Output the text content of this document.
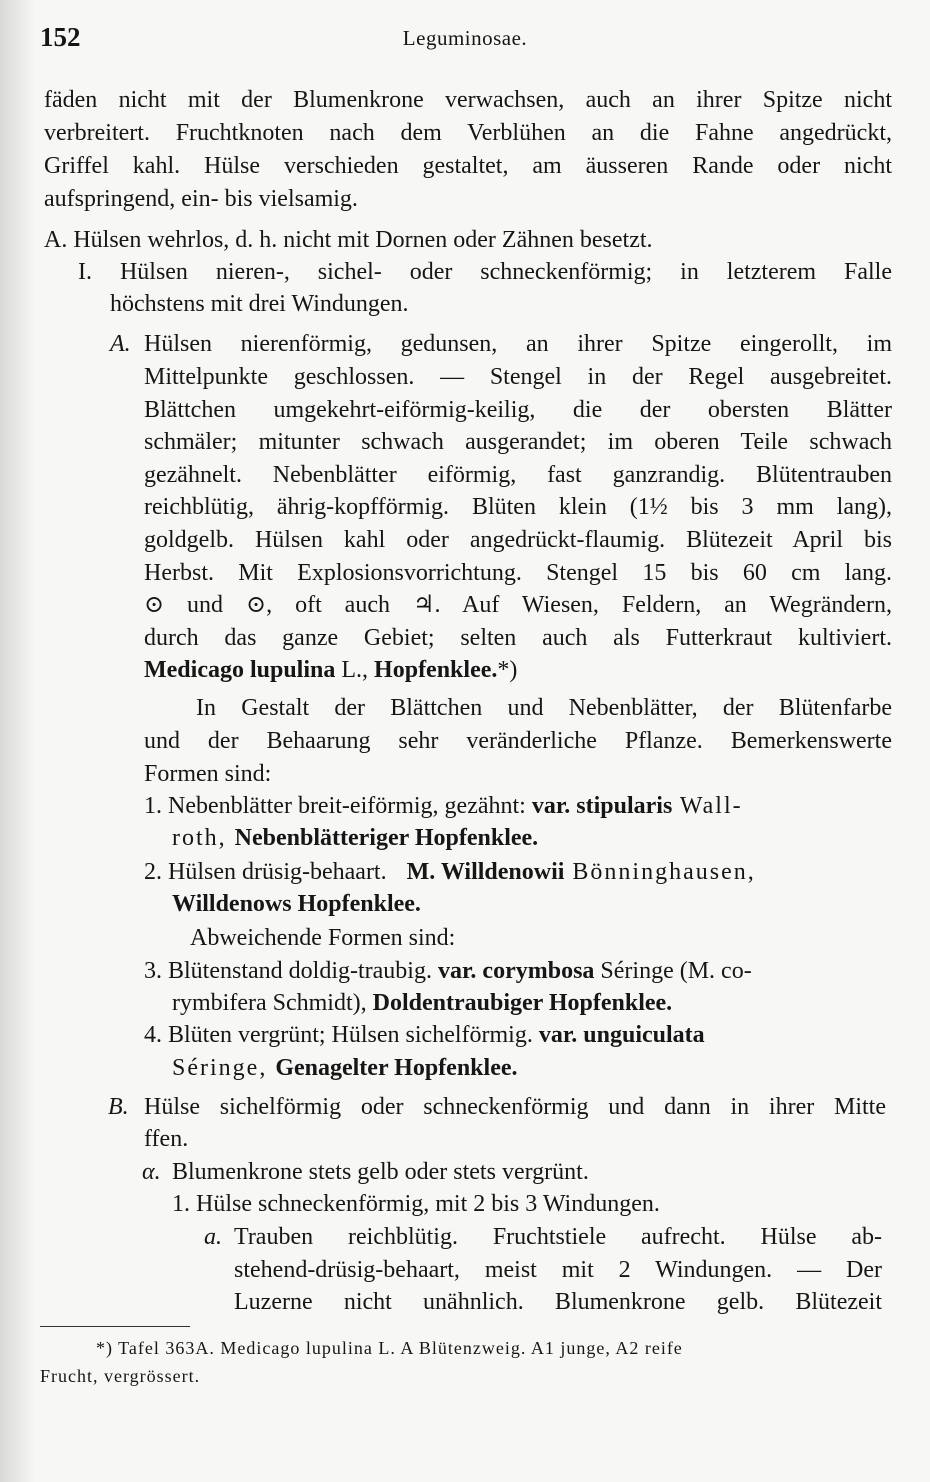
152	Leguminosae.
fäden nicht mit der Blumenkrone verwachsen, auch an ihrer Spitze nicht
verbreitert. Fruchtknoten nach dem Verblühen an die Fahne angedrückt,
Griffel kahl. Hülse verschieden gestaltet, am äusseren Rande oder nicht
aufspringend, ein- bis vielsamig.
A. Hülsen wehrlos, d. h. nicht mit Dornen oder Zähnen besetzt.
I. Hülsen nieren-, sichel- oder schneckenförmig; in letzterem Falle
höchstens mit drei Windungen.
A. Hülsen nierenförmig, gedunsen, an ihrer Spitze eingerollt, im
Mittelpunkte geschlossen. — Stengel in der Regel ausgebreitet.
Blättchen umgekehrt-eiförmig-keilig, die der obersten Blätter
schmäler; mitunter schwach ausgerandet; im oberen Teile schwach
gezähnelt. Nebenblätter eiförmig, fast ganzrandig. Blütentrauben
reichblütig, ährig-kopfförmig. Blüten klein (1½ bis 3 mm lang),
goldgelb. Hülsen kahl oder angedrückt-flaumig. Blütezeit April bis
Herbst. Mit Explosionsvorrichtung. Stengel 15 bis 60 cm lang.
⊙ und ⊙, oft auch ♃. Auf Wiesen, Feldern, an Wegrändern,
durch das ganze Gebiet; selten auch als Futterkraut kultiviert.
Medicago lupulina L., Hopfenklee.*)
In Gestalt der Blättchen und Nebenblätter, der Blütenfarbe
und der Behaarung sehr veränderliche Pflanze. Bemerkenswerte
Formen sind:
1. Nebenblätter breit-eiförmig, gezähnt: var. stipularis Wall-
roth, Nebenblätteriger Hopfenklee.
2. Hülsen drüsig-behaart. M. Willdenowii Bönninghausen,
Willdenows Hopfenklee.
Abweichende Formen sind:
3. Blütenstand doldig-traubig. var. corymbosa Séringe (M. co-
rymbifera Schmidt), Doldentraubiger Hopfenklee.
4. Blüten vergrünt; Hülsen sichelförmig. var. unguiculata
Séringe, Genagelter Hopfenklee.
B. Hülse sichelförmig oder schneckenförmig und dann in ihrer Mitte
ffen.
α. Blumenkrone stets gelb oder stets vergrünt.
1. Hülse schneckenförmig, mit 2 bis 3 Windungen.
a. Trauben reichblütig. Fruchtstiele aufrecht. Hülse ab-
stehend-drüsig-behaart, meist mit 2 Windungen. — Der
Luzerne nicht unähnlich. Blumenkrone gelb. Blütezeit
*) Tafel 363A. Medicago lupulina L. A Blütenzweig. A1 junge, A2 reife
Frucht, vergrössert.
